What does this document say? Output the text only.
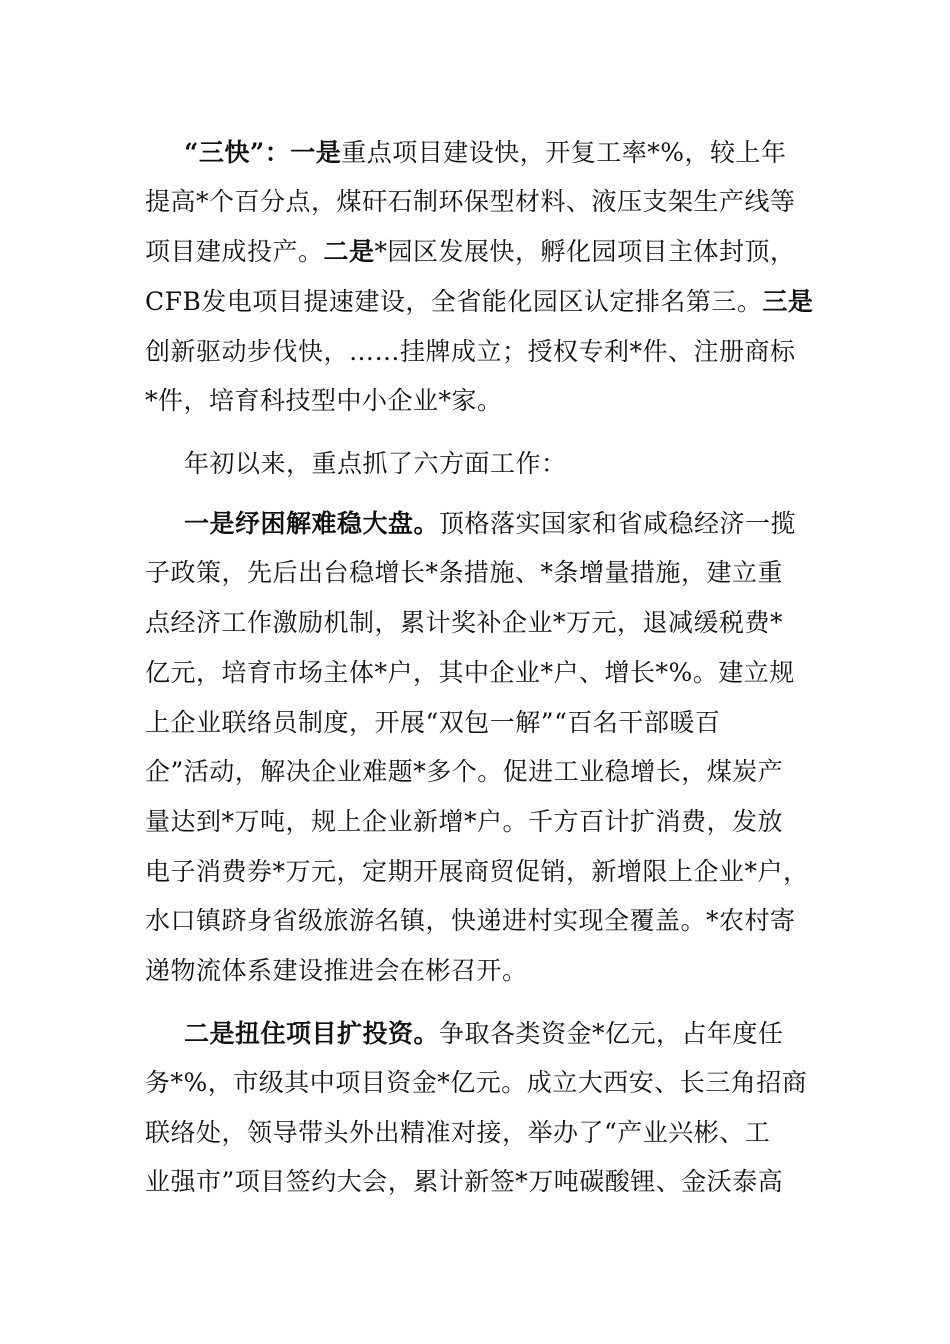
“三快”：一是重点项目建设快，开复工率*%，较上年
提高*个百分点，煤矸石制环保型材料、液压支架生产线等
项目建成投产。二是*园区发展快，孵化园项目主体封顶，
CFB发电项目提速建设，全省能化园区认定排名第三。三是
创新驱动步伐快，……挂牌成立；授权专利*件、注册商标
*件，培育科技型中小企业*家。
年初以来，重点抓了六方面工作：
一是纾困解难稳大盘。顶格落实国家和省咸稳经济一揽
子政策，先后出台稳增长*条措施、*条增量措施，建立重
点经济工作激励机制，累计奖补企业*万元，退减缓税费*
亿元，培育市场主体*户，其中企业*户、增长*%。建立规
上企业联络员制度，开展“双包一解”“百名干部暖百
企”活动，解决企业难题*多个。促进工业稳增长，煤炭产
量达到*万吨，规上企业新增*户。千方百计扩消费，发放
电子消费券*万元，定期开展商贸促销，新增限上企业*户，
水口镇跻身省级旅游名镇，快递进村实现全覆盖。*农村寄
递物流体系建设推进会在彬召开。
二是扭住项目扩投资。争取各类资金*亿元，占年度任
务*%，市级其中项目资金*亿元。成立大西安、长三角招商
联络处，领导带头外出精准对接，举办了“产业兴彬、工
业强市”项目签约大会，累计新签*万吨碳酸锂、金沃泰高
